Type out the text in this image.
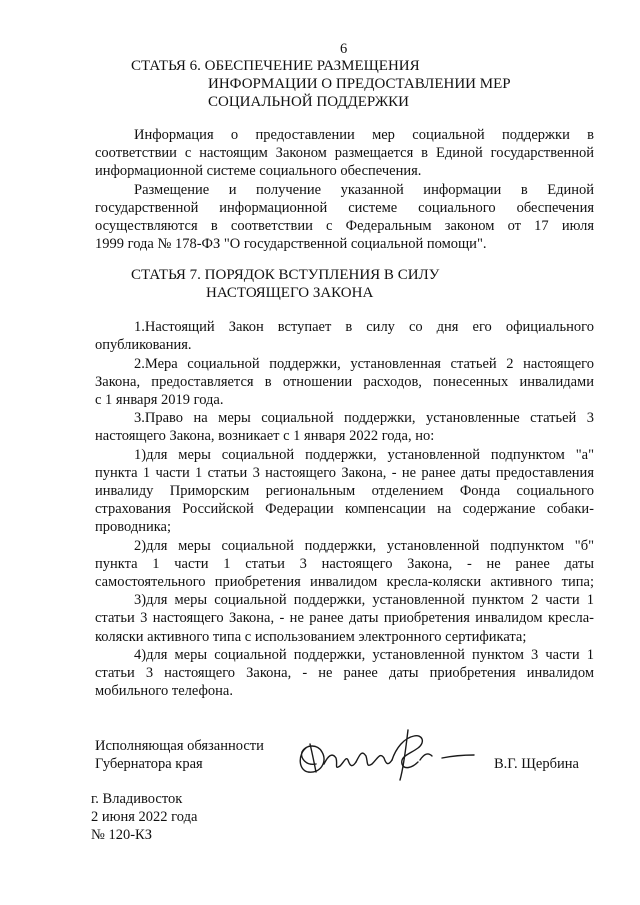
6
СТАТЬЯ 6. ОБЕСПЕЧЕНИЕ РАЗМЕЩЕНИЯ
ИНФОРМАЦИИ О ПРЕДОСТАВЛЕНИИ МЕР
СОЦИАЛЬНОЙ ПОДДЕРЖКИ
Информация о предоставлении мер социальной поддержки в
соответствии с настоящим Законом размещается в Единой государственной
информационной системе социального обеспечения.
Размещение и получение указанной информации в Единой
государственной информационной системе социального обеспечения
осуществляются в соответствии с Федеральным законом от 17 июля
1999 года № 178-ФЗ "О государственной социальной помощи".
СТАТЬЯ 7. ПОРЯДОК ВСТУПЛЕНИЯ В СИЛУ
НАСТОЯЩЕГО ЗАКОНА
1.Настоящий Закон вступает в силу со дня его официального
опубликования.
2.Мера социальной поддержки, установленная статьей 2 настоящего
Закона, предоставляется в отношении расходов, понесенных инвалидами
с 1 января 2019 года.
3.Право на меры социальной поддержки, установленные статьей 3
настоящего Закона, возникает с 1 января 2022 года, но:
1)для меры социальной поддержки, установленной подпунктом "а"
пункта 1 части 1 статьи 3 настоящего Закона, - не ранее даты предоставления
инвалиду Приморским региональным отделением Фонда социального
страхования Российской Федерации компенсации на содержание собаки-
проводника;
2)для меры социальной поддержки, установленной подпунктом "б"
пункта 1 части 1 статьи 3 настоящего Закона, - не ранее даты
самостоятельного приобретения инвалидом кресла-коляски активного типа;
3)для меры социальной поддержки, установленной пунктом 2 части 1
статьи 3 настоящего Закона, - не ранее даты приобретения инвалидом кресла-
коляски активного типа с использованием электронного сертификата;
4)для меры социальной поддержки, установленной пунктом 3 части 1
статьи 3 настоящего Закона, - не ранее даты приобретения инвалидом
мобильного телефона.
Исполняющая обязанности
Губернатора края	В.Г. Щербина
г. Владивосток
2 июня 2022 года
№ 120-КЗ
